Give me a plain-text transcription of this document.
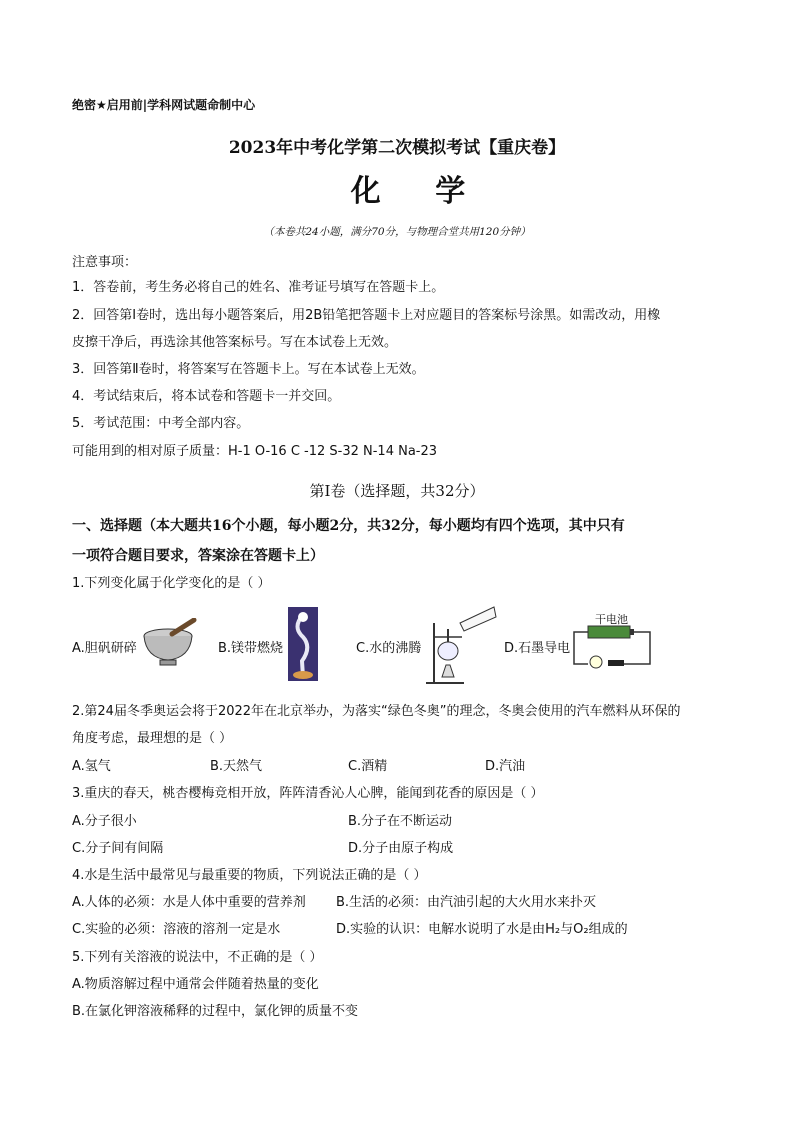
绝密★启用前|学科网试题命制中心
2023年中考化学第二次模拟考试【重庆卷】
化 学
（本卷共24小题，满分70分，与物理合堂共用120分钟）
注意事项：
1．答卷前，考生务必将自己的姓名、准考证号填写在答题卡上。
2．回答第Ⅰ卷时，选出每小题答案后，用2B铅笔把答题卡上对应题目的答案标号涂黑。如需改动，用橡
皮擦干净后，再选涂其他答案标号。写在本试卷上无效。
3．回答第Ⅱ卷时，将答案写在答题卡上。写在本试卷上无效。
4．考试结束后，将本试卷和答题卡一并交回。
5．考试范围：中考全部内容。
可能用到的相对原子质量：H-1 O-16 C -12 S-32 N-14 Na-23
第Ⅰ卷（选择题，共32分）
一、选择题（本大题共16个小题，每小题2分，共32分，每小题均有四个选项，其中只有
一项符合题目要求，答案涂在答题卡上）
1.下列变化属于化学变化的是（ ）
A.胆矾研碎	B.镁带燃烧	C.水的沸腾	D.石墨导电
干电池
2.第24届冬季奥运会将于2022年在北京举办，为落实“绿色冬奥”的理念，冬奥会使用的汽车燃料从环保的
角度考虑，最理想的是（ ）
A.氢气	B.天然气	C.酒精	D.汽油
3.重庆的春天，桃杏樱梅竞相开放，阵阵清香沁人心脾，能闻到花香的原因是（ ）
A.分子很小	B.分子在不断运动
C.分子间有间隔	D.分子由原子构成
4.水是生活中最常见与最重要的物质，下列说法正确的是（ ）
A.人体的必须：水是人体中重要的营养剂 B.生活的必须：由汽油引起的大火用水来扑灭
C.实验的必须：溶液的溶剂一定是水	D.实验的认识：电解水说明了水是由H₂与O₂组成的
5.下列有关溶液的说法中，不正确的是（ ）
A.物质溶解过程中通常会伴随着热量的变化
B.在氯化钾溶液稀释的过程中，氯化钾的质量不变
